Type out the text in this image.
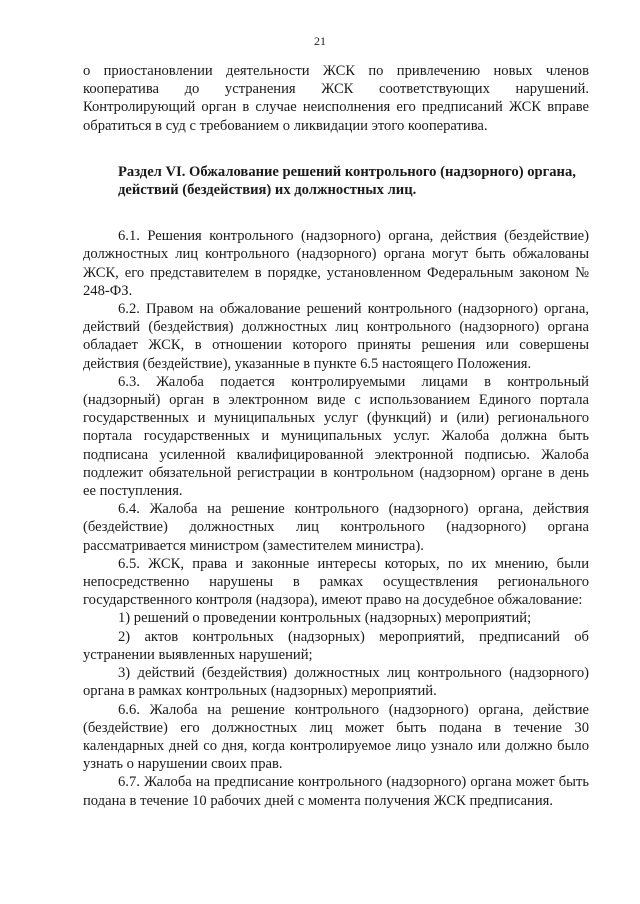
21

о приостановлении деятельности ЖСК по привлечению новых членов кооператива до устранения ЖСК соответствующих нарушений. Контролирующий орган в случае неисполнения его предписаний ЖСК вправе обратиться в суд с требованием о ликвидации этого кооператива.

Раздел VI. Обжалование решений контрольного (надзорного) органа, действий (бездействия) их должностных лиц.

6.1. Решения контрольного (надзорного) органа, действия (бездействие) должностных лиц контрольного (надзорного) органа могут быть обжалованы ЖСК, его представителем в порядке, установленном Федеральным законом № 248-ФЗ.

6.2. Правом на обжалование решений контрольного (надзорного) органа, действий (бездействия) должностных лиц контрольного (надзорного) органа обладает ЖСК, в отношении которого приняты решения или совершены действия (бездействие), указанные в пункте 6.5 настоящего Положения.

6.3. Жалоба подается контролируемыми лицами в контрольный (надзорный) орган в электронном виде с использованием Единого портала государственных и муниципальных услуг (функций) и (или) регионального портала государственных и муниципальных услуг. Жалоба должна быть подписана усиленной квалифицированной электронной подписью. Жалоба подлежит обязательной регистрации в контрольном (надзорном) органе в день ее поступления.

6.4. Жалоба на решение контрольного (надзорного) органа, действия (бездействие) должностных лиц контрольного (надзорного) органа рассматривается министром (заместителем министра).

6.5. ЖСК, права и законные интересы которых, по их мнению, были непосредственно нарушены в рамках осуществления регионального государственного контроля (надзора), имеют право на досудебное обжалование:

1) решений о проведении контрольных (надзорных) мероприятий;

2) актов контрольных (надзорных) мероприятий, предписаний об устранении выявленных нарушений;

3) действий (бездействия) должностных лиц контрольного (надзорного) органа в рамках контрольных (надзорных) мероприятий.

6.6. Жалоба на решение контрольного (надзорного) органа, действие (бездействие) его должностных лиц может быть подана в течение 30 календарных дней со дня, когда контролируемое лицо узнало или должно было узнать о нарушении своих прав.

6.7. Жалоба на предписание контрольного (надзорного) органа может быть подана в течение 10 рабочих дней с момента получения ЖСК предписания.
